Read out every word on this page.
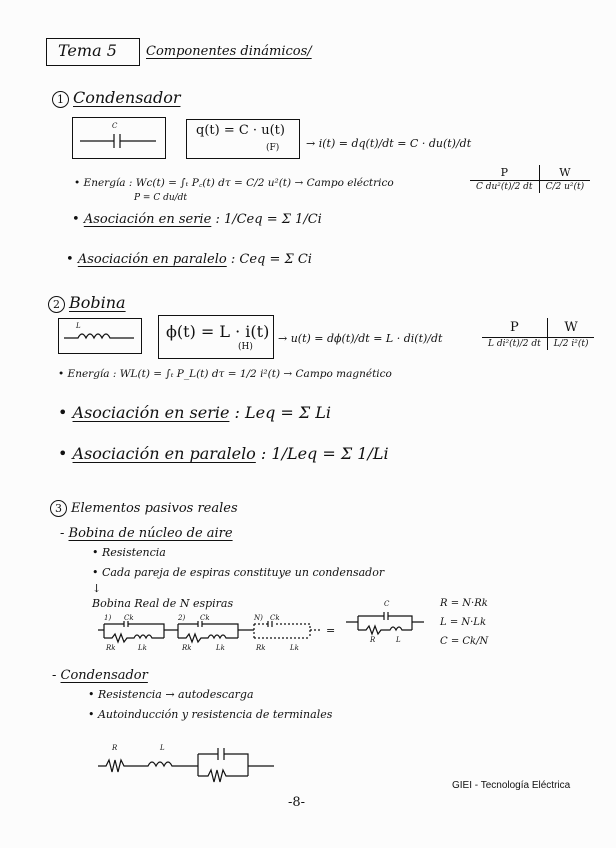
Tema 5 Componentes dinámicos/
1 Condensador
C	q(t) = C · u(t)
(F) → i(t) = dq(t)/dt = C · du(t)/dt
P	W
C du²(t)/2 dt	C/2 u²(t)
• Energía : Wc(t) = ∫ₜ P꜀(t) dτ = C/2 u²(t) → Campo eléctrico
P = C du/dt
• Asociación en serie : 1/Ceq = Σ 1/Ci
• Asociación en paralelo : Ceq = Σ Ci
2 Bobina
L	ϕ(t) = L · i(t)
(H)
→ u(t) = dϕ(t)/dt = L · di(t)/dt
P	W
L di²(t)/2 dt	L/2 i²(t)
• Energía : WL(t) = ∫ₜ P_L(t) dτ = 1/2 i²(t) → Campo magnético
• Asociación en serie : Leq = Σ Li
• Asociación en paralelo : 1/Leq = Σ 1/Li
3 Elementos pasivos reales
- Bobina de núcleo de aire
• Resistencia
• Cada pareja de espiras constituye un condensador
↓
Bobina Real de N espiras
1) Ck	2) Ck	N) Ck
Rk	Lk	Rk	Lk	Rk	Lk
=
C
R	L
R = N·Rk
L = N·Lk
C = Ck/N
- Condensador
• Resistencia → autodescarga
• Autoinducción y resistencia de terminales
R	L
GIEI - Tecnología Eléctrica
-8-
